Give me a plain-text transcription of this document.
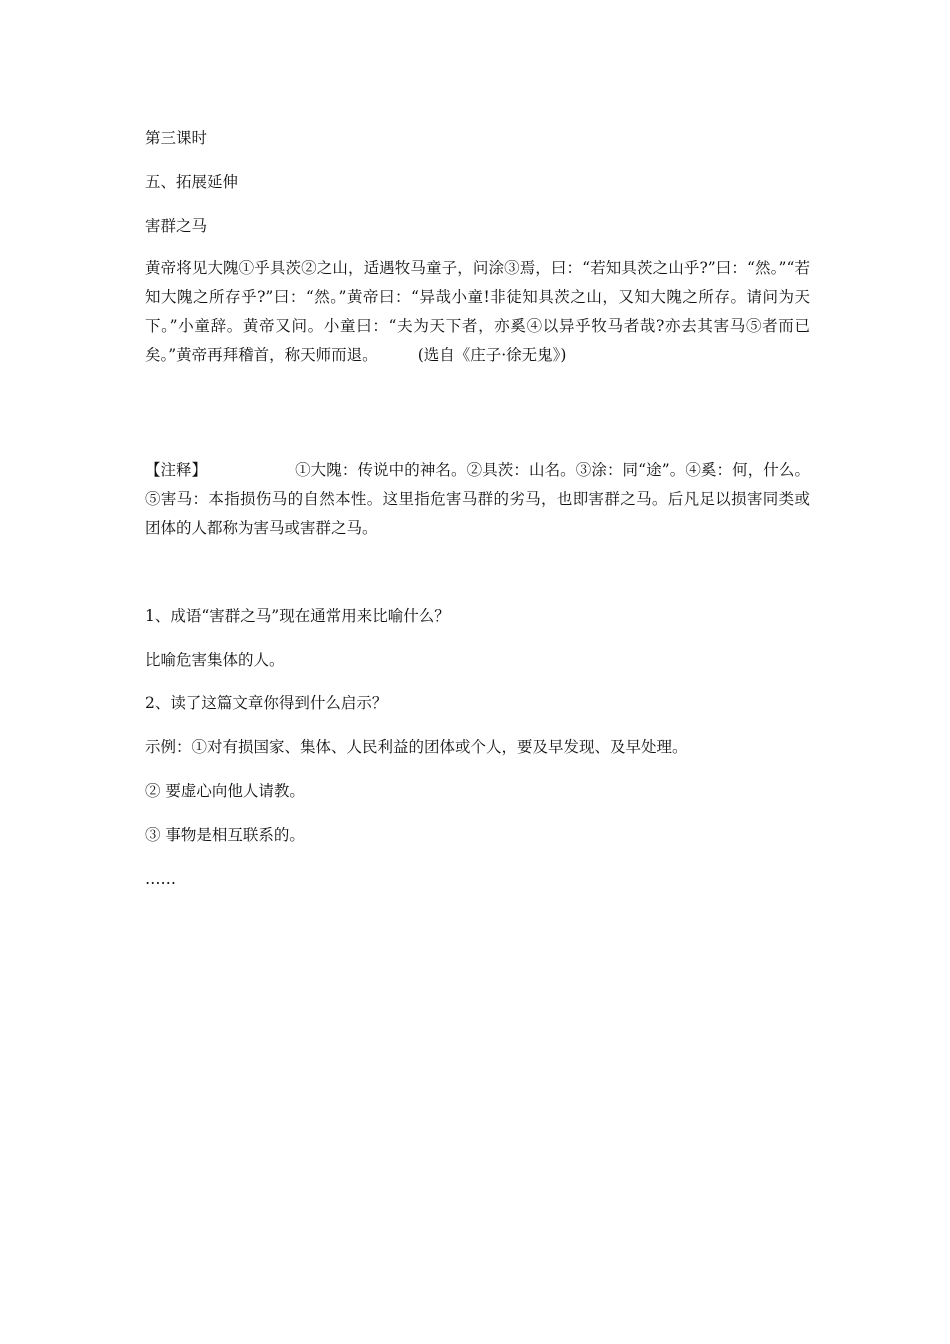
第三课时
五、拓展延伸
害群之马
黄帝将见大隗①乎具茨②之山，适遇牧马童子，问涂③焉，曰：“若知具茨之山乎?”曰：“然。”“若知大隗之所存乎?”曰：“然。”黄帝曰：“异哉小童!非徒知具茨之山，又知大隗之所存。请问为天下。”小童辞。黄帝又问。小童曰：“夫为天下者，亦奚④以异乎牧马者哉?亦去其害马⑤者而已矣。”黄帝再拜稽首，称天师而退。	(选自《庄子·徐无鬼》)
【注释】	①大隗：传说中的神名。②具茨：山名。③涂：同“途”。④奚：何，什么。⑤害马：本指损伤马的自然本性。这里指危害马群的劣马，也即害群之马。后凡足以损害同类或团体的人都称为害马或害群之马。
1、成语“害群之马”现在通常用来比喻什么？
比喻危害集体的人。
2、读了这篇文章你得到什么启示？
示例：①对有损国家、集体、人民利益的团体或个人，要及早发现、及早处理。
② 要虚心向他人请教。
③ 事物是相互联系的。
……
